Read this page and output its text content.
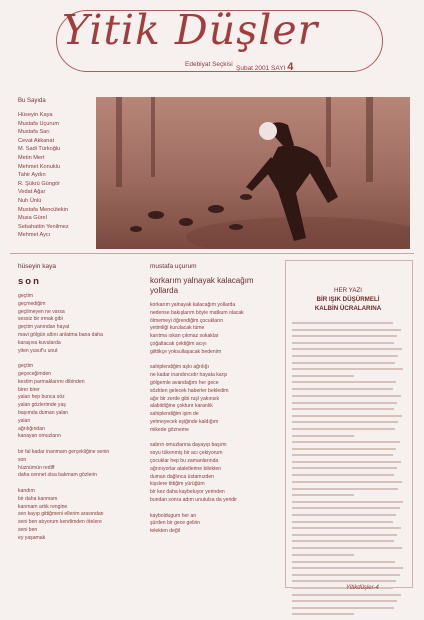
Yitik Düşler
Edebiyat Seçkisi
Şubat 2001 SAYI 4
Bu Sayıda
Hüseyin Kaya
Mustafa Uçurum
Mustafa Sarı
Cevat Akkanat
M. Sadi Türkoğlu
Metin Mert
Mehmet Konuklu
Tahir Aydın
R. Şükrü Güngör
Vedat Ağar
Nuh Ünlü
Mustafa Mencütekin
Musa Gürel
Sebahattin Yenilmez
Mehmet Aycı
hüseyin kaya
son
geçtim
geçmediğim
geçilmeyen ne varsa
sessiz bir ırmak gibi
geçtim yanından hayat
mavi gölgün altını anlatma bana daha
karaşıva kuvularda
yiten yusuf'u unut
geçtim
geçeceğimden
kestim parmaklarımı dibinden
birer birer
yalan hep bunca söz
yalan gözlerimde yaş
başımda duman yalan
yalan
ağrılığından
kanayan omuzların
bir fal kadar inanmam gerçekliğine senin
son
hüznümün rediff
daha cennet olsa bakmam gözlerin
kandım
bir daha kanmam
kanmam artık rengine
sen kayıp gittiğmeni ellerim arasından
seni ben atıyorum kendimden ötelere
seni ben
ey yaşamak
mustafa uçurum
korkarım yalnayak kalacağım yollarda
korkarım yalnayak kalacağım yollarda
nedense bakışlarım böyle matkum olacak
ölmemeyi öğrendiğim çocukların
yetimliği kurulacak tüme
karıtma ıskan çıkmaz sokaklar
çoğaltacak çektiğim acıyı
giittikçe yoksullaşacak bedenim
sahiplendiğim aşkı ağrılığı
ne kadar inandırıcıdır hayata karşı
gölgemle avandağım her gece
sözkten gelecek haberler bekledim
ağır bir zerde gibi ruşl yakınsık
alabildiğine çoktunr karanlık
sahiplendiğim işim de
yetmeyecek eşiğinde kaldığım
mikede gözneme
sabrın omuzlarına dayayıp başımı
soyu tükenmiş bir acı çekiyorum
çocuklar hep bu zamanlarında
ağrınıyorlar ataletlerine bilekten
duman dağlınca üstamızden
kişslere tittiğim yürüğüm
bir kez daha kaybeluyor yerinden
bundan sonra adım unutulsa da yeridir
kayboldugum her an
şürden bir gece gelirin
telekten değil
HER YAZI
BİR IŞIK DÜŞÜRMELİ
KALBİN ÜCRALARINA
Yitikdüşler-4
